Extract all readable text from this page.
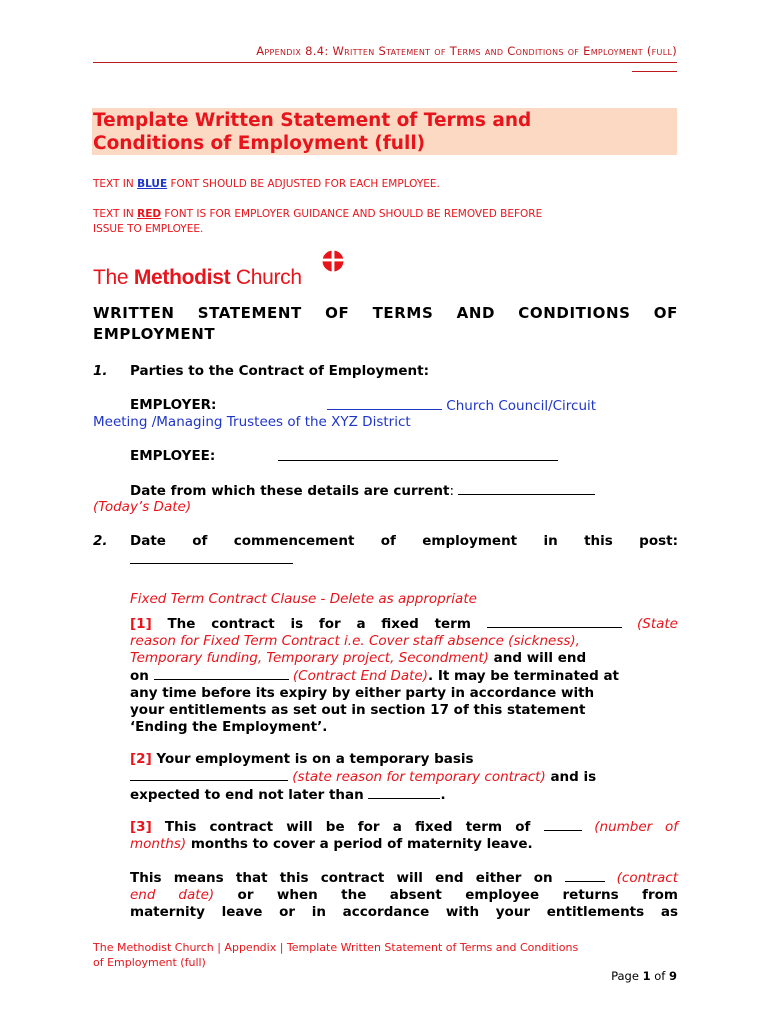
Appendix 8.4: Written Statement of Terms and Conditions of Employment (full)
Template Written Statement of Terms and
Conditions of Employment (full)
TEXT IN BLUE FONT SHOULD BE ADJUSTED FOR EACH EMPLOYEE.
TEXT IN RED FONT IS FOR EMPLOYER GUIDANCE AND SHOULD BE REMOVED BEFORE
ISSUE TO EMPLOYEE.
The Methodist Church
WRITTEN STATEMENT OF TERMS AND CONDITIONS OF
EMPLOYMENT
1. Parties to the Contract of Employment:
EMPLOYER:	Church Council/Circuit
Meeting /Managing Trustees of the XYZ District
EMPLOYEE:
Date from which these details are current:
(Today’s Date)
2. Date of commencement of employment in this post:
Fixed Term Contract Clause - Delete as appropriate
[1] The contract is for a fixed term	(State
reason for Fixed Term Contract i.e. Cover staff absence (sickness),
Temporary funding, Temporary project, Secondment) and will end
on	(Contract End Date). It may be terminated at
any time before its expiry by either party in accordance with
your entitlements as set out in section 17 of this statement
‘Ending the Employment’.
[2] Your employment is on a temporary basis
(state reason for temporary contract) and is
expected to end not later than	.
[3] This contract will be for a fixed term of	(number of
months) months to cover a period of maternity leave.
This means that this contract will end either on	(contract
end date) or when the absent employee returns from
maternity leave or in accordance with your entitlements as
The Methodist Church | Appendix | Template Written Statement of Terms and Conditions
of Employment (full)
Page 1 of 9
